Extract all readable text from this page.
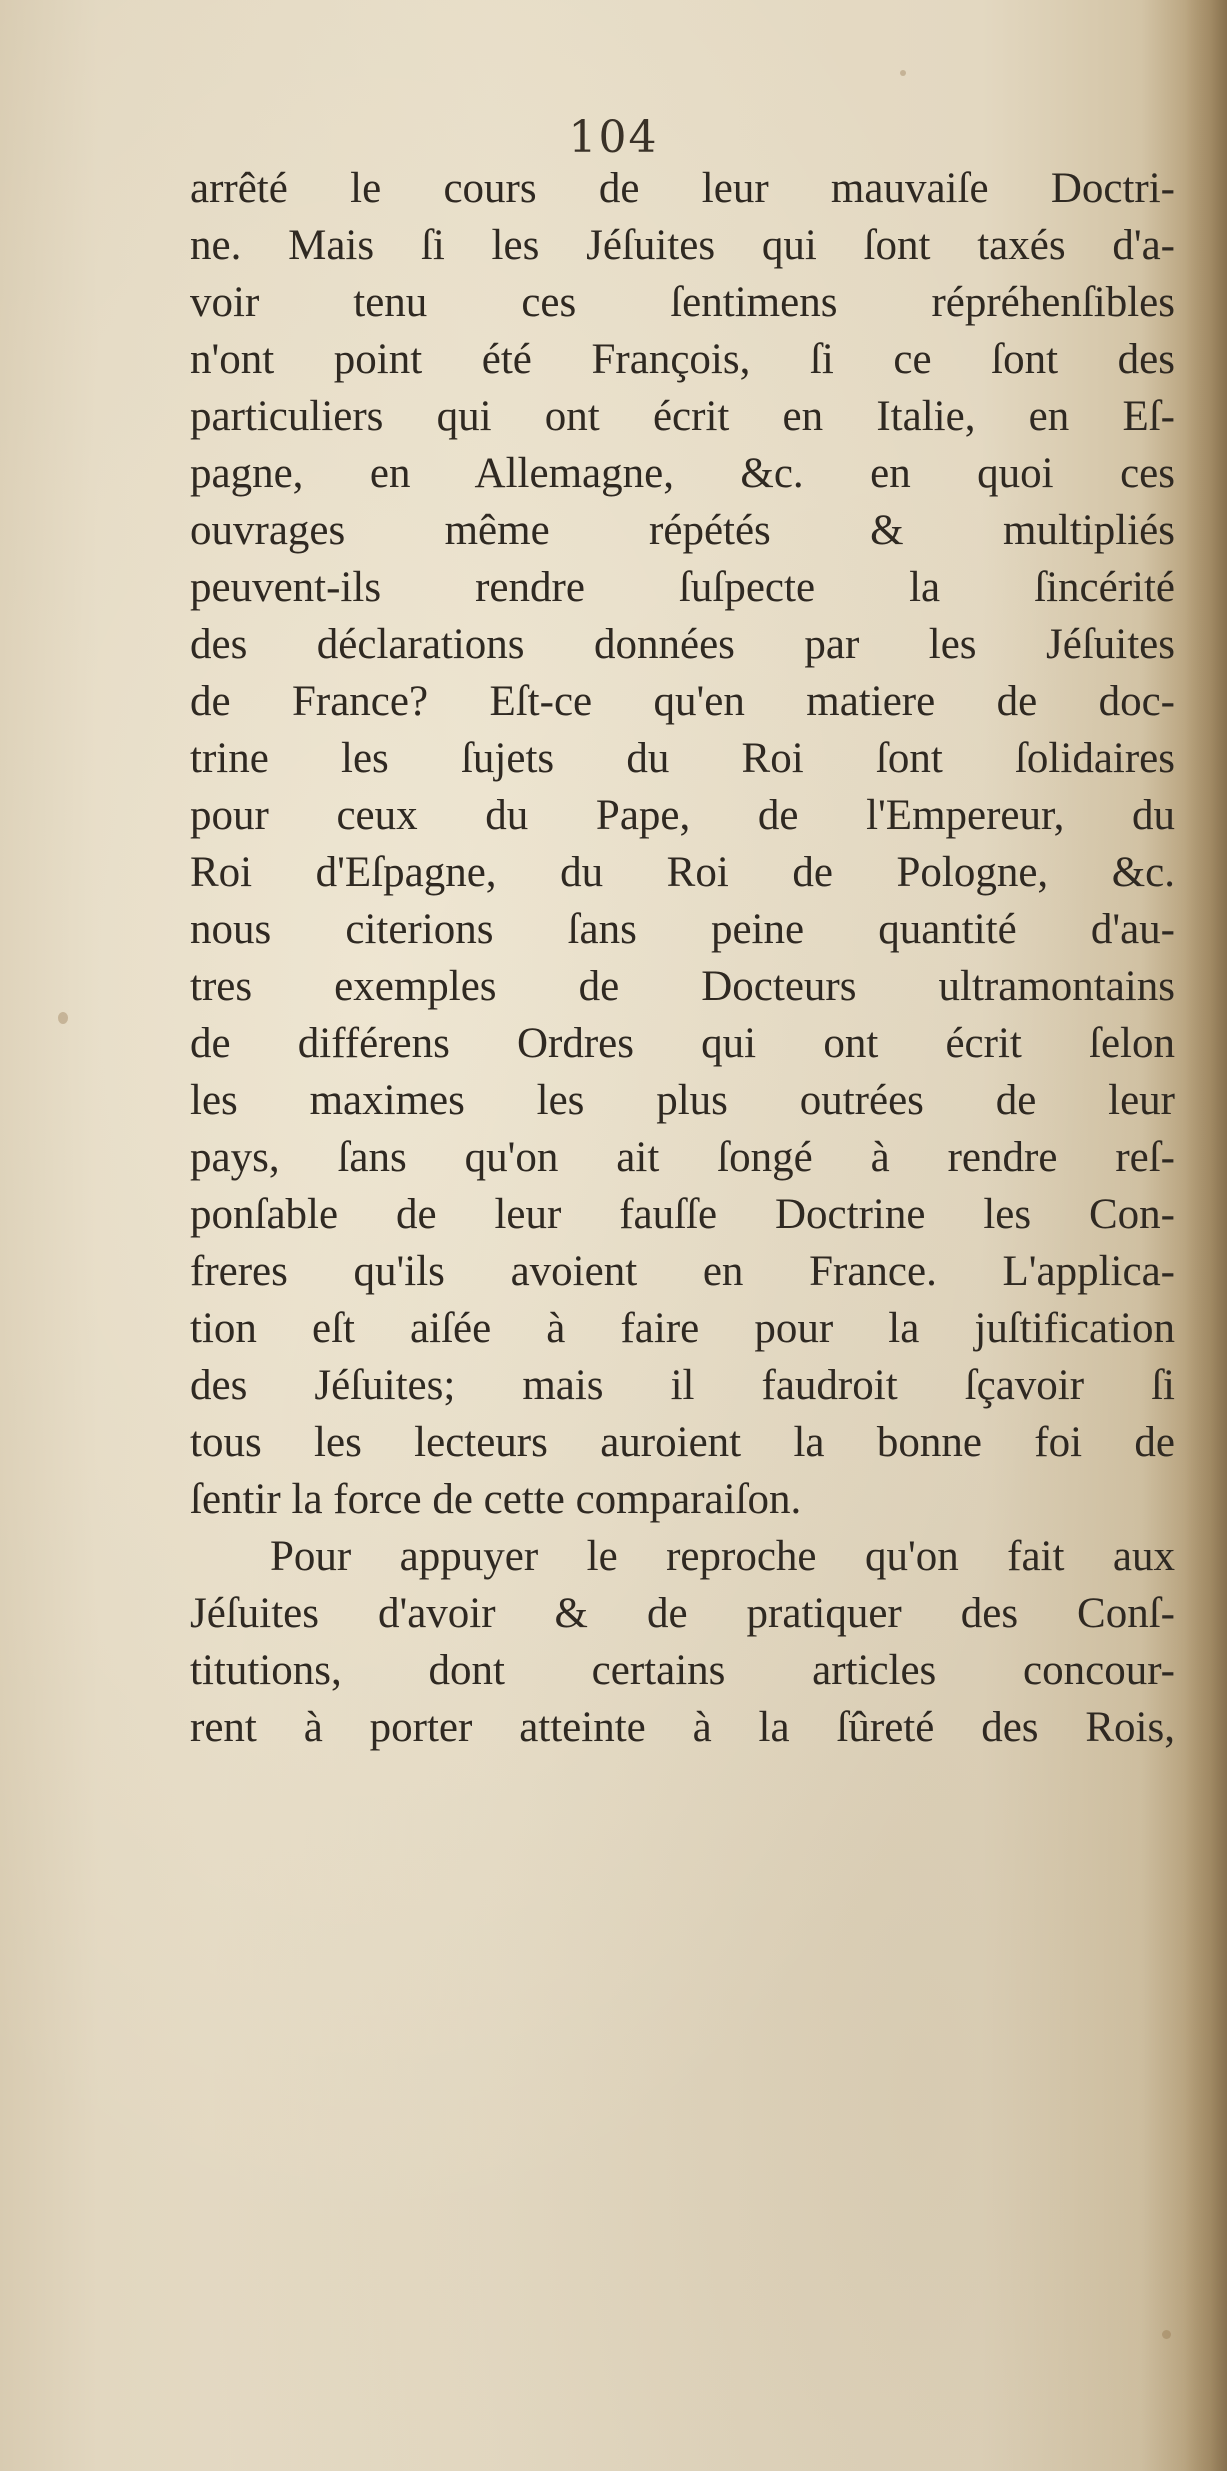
104
arrêté le cours de leur mauvaiſe Doctri-
ne. Mais ſi les Jéſuites qui ſont taxés d'a-
voir tenu ces ſentimens répréhenſibles
n'ont point été François, ſi ce ſont des
particuliers qui ont écrit en Italie, en Eſ-
pagne, en Allemagne, &c. en quoi ces
ouvrages même répétés & multipliés
peuvent-ils rendre ſuſpecte la ſincérité
des déclarations données par les Jéſuites
de France? Eſt-ce qu'en matiere de doc-
trine les ſujets du Roi ſont ſolidaires
pour ceux du Pape, de l'Empereur, du
Roi d'Eſpagne, du Roi de Pologne, &c.
nous citerions ſans peine quantité d'au-
tres exemples de Docteurs ultramontains
de différens Ordres qui ont écrit ſelon
les maximes les plus outrées de leur
pays, ſans qu'on ait ſongé à rendre reſ-
ponſable de leur fauſſe Doctrine les Con-
freres qu'ils avoient en France. L'applica-
tion eſt aiſée à faire pour la juſtification
des Jéſuites; mais il faudroit ſçavoir ſi
tous les lecteurs auroient la bonne foi de
ſentir la force de cette comparaiſon.
Pour appuyer le reproche qu'on fait aux
Jéſuites d'avoir & de pratiquer des Conſ-
titutions, dont certains articles concour-
rent à porter atteinte à la ſûreté des Rois,
